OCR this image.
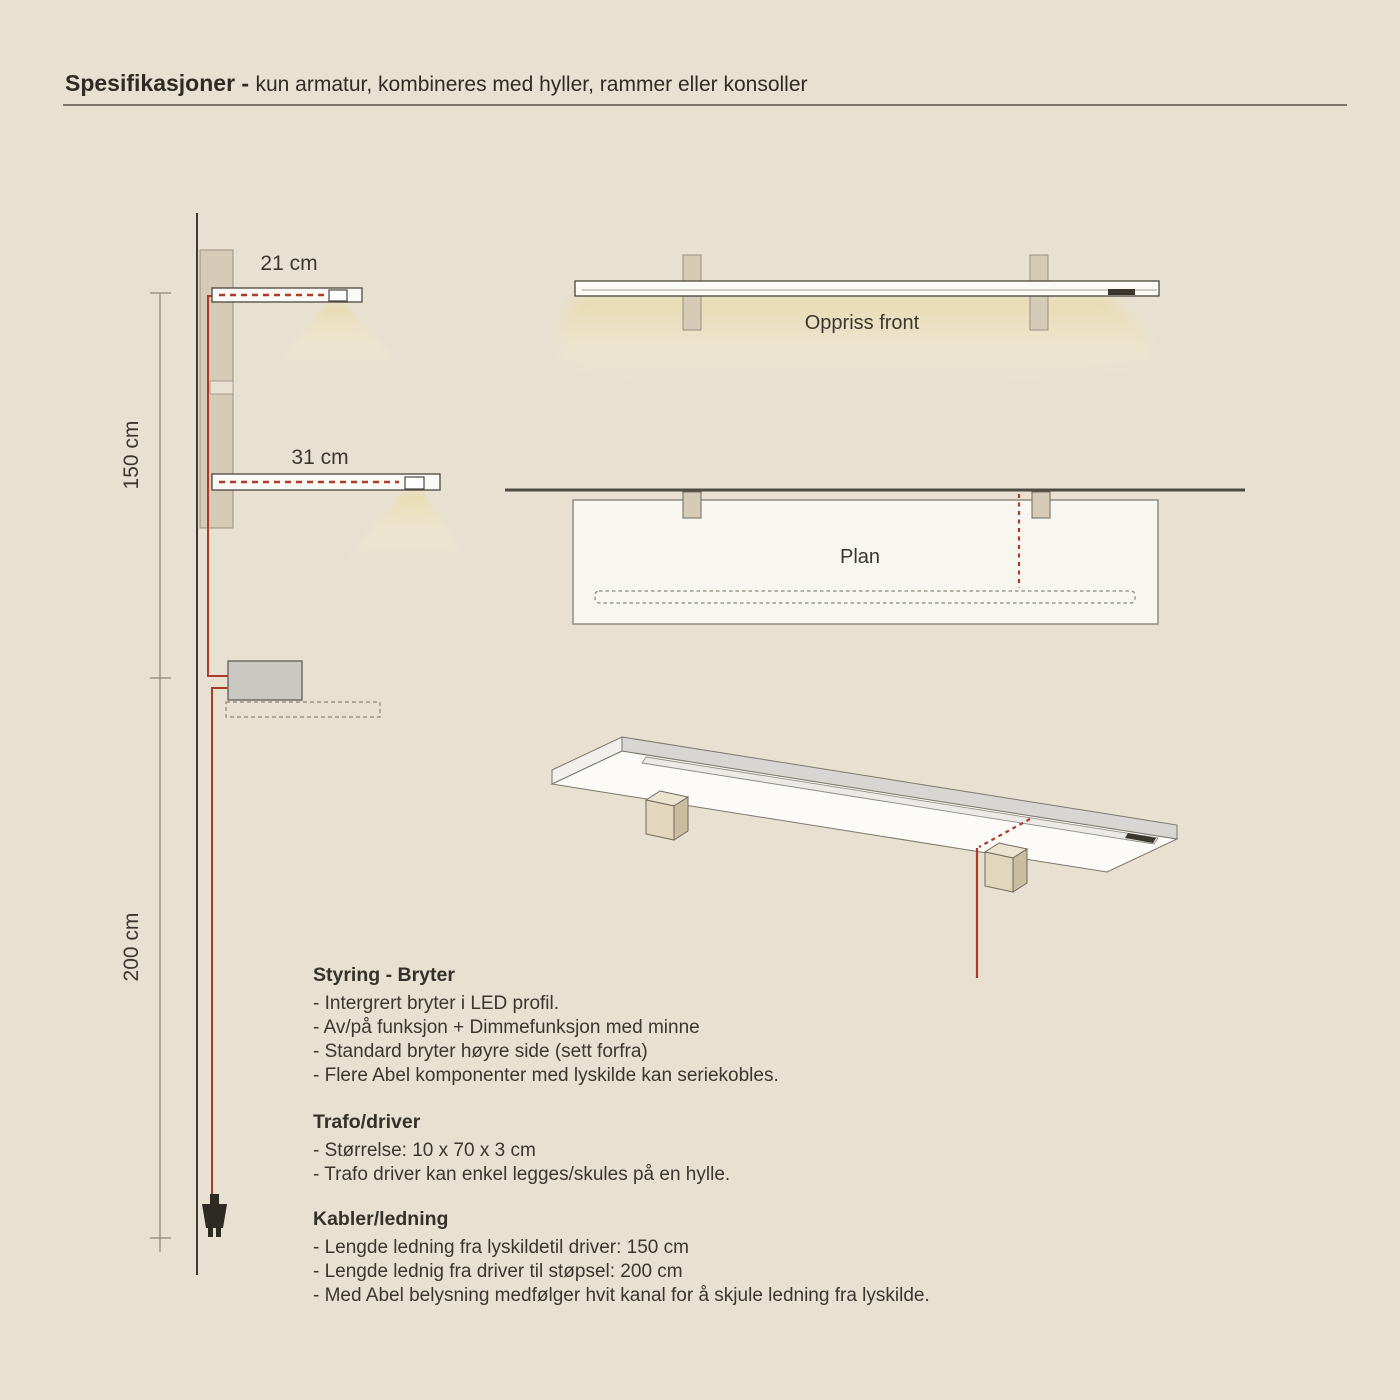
Spesifikasjoner - kun armatur, kombineres med hyller, rammer eller konsoller
21 cm
31 cm
150 cm
200 cm
Oppriss front
Plan
Styring - Bryter
- Intergrert bryter i LED profil.
- Av/på funksjon + Dimmefunksjon med minne
- Standard bryter høyre side (sett forfra)
- Flere Abel komponenter med lyskilde kan seriekobles.
Trafo/driver
- Størrelse: 10 x 70 x 3 cm
- Trafo driver kan enkel legges/skules på en hylle.
Kabler/ledning
- Lengde ledning fra lyskildetil driver: 150 cm
- Lengde lednig fra driver til støpsel: 200 cm
- Med Abel belysning medfølger hvit kanal for å skjule ledning fra lyskilde.
